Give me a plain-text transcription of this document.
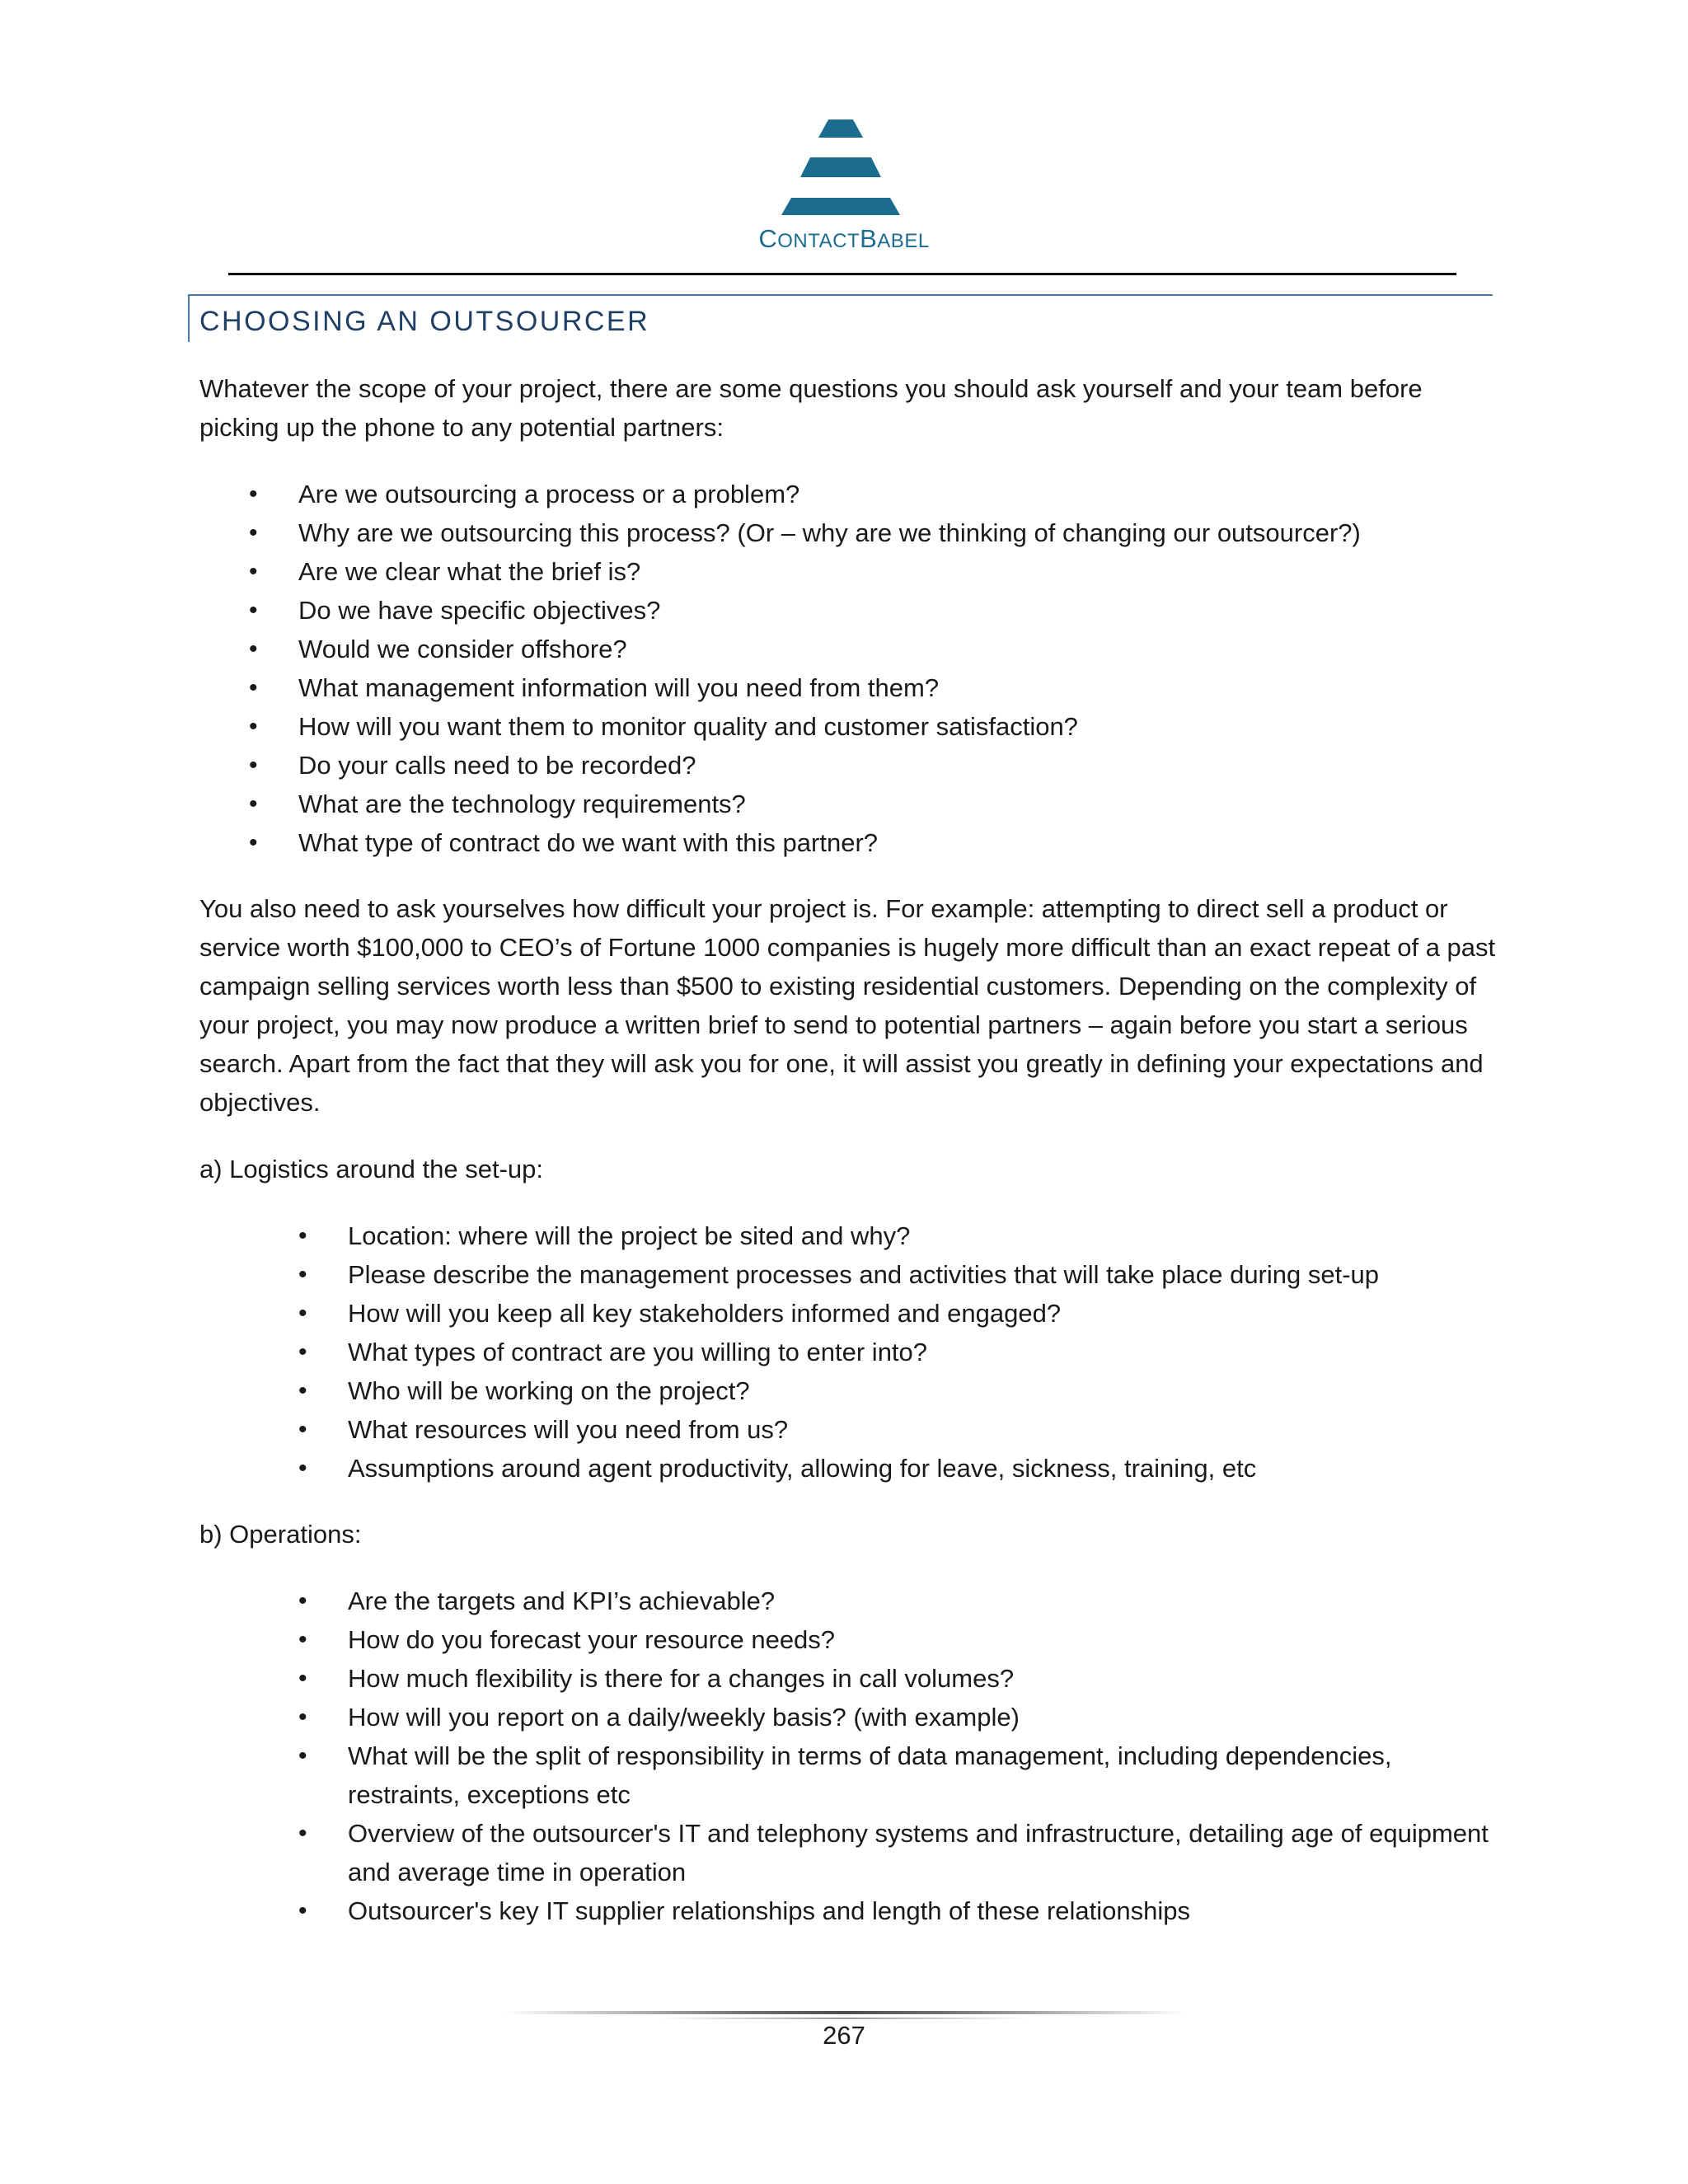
CONTACTBABEL
CHOOSING AN OUTSOURCER

Whatever the scope of your project, there are some questions you should ask yourself and your team before picking up the phone to any potential partners:

• Are we outsourcing a process or a problem?
• Why are we outsourcing this process? (Or – why are we thinking of changing our outsourcer?)
• Are we clear what the brief is?
• Do we have specific objectives?
• Would we consider offshore?
• What management information will you need from them?
• How will you want them to monitor quality and customer satisfaction?
• Do your calls need to be recorded?
• What are the technology requirements?
• What type of contract do we want with this partner?

You also need to ask yourselves how difficult your project is. For example: attempting to direct sell a product or service worth $100,000 to CEO’s of Fortune 1000 companies is hugely more difficult than an exact repeat of a past campaign selling services worth less than $500 to existing residential customers. Depending on the complexity of your project, you may now produce a written brief to send to potential partners – again before you start a serious search. Apart from the fact that they will ask you for one, it will assist you greatly in defining your expectations and objectives.

a) Logistics around the set-up:

• Location: where will the project be sited and why?
• Please describe the management processes and activities that will take place during set-up
• How will you keep all key stakeholders informed and engaged?
• What types of contract are you willing to enter into?
• Who will be working on the project?
• What resources will you need from us?
• Assumptions around agent productivity, allowing for leave, sickness, training, etc

b) Operations:

• Are the targets and KPI’s achievable?
• How do you forecast your resource needs?
• How much flexibility is there for a changes in call volumes?
• How will you report on a daily/weekly basis? (with example)
• What will be the split of responsibility in terms of data management, including dependencies, restraints, exceptions etc
• Overview of the outsourcer's IT and telephony systems and infrastructure, detailing age of equipment and average time in operation
• Outsourcer's key IT supplier relationships and length of these relationships
267
